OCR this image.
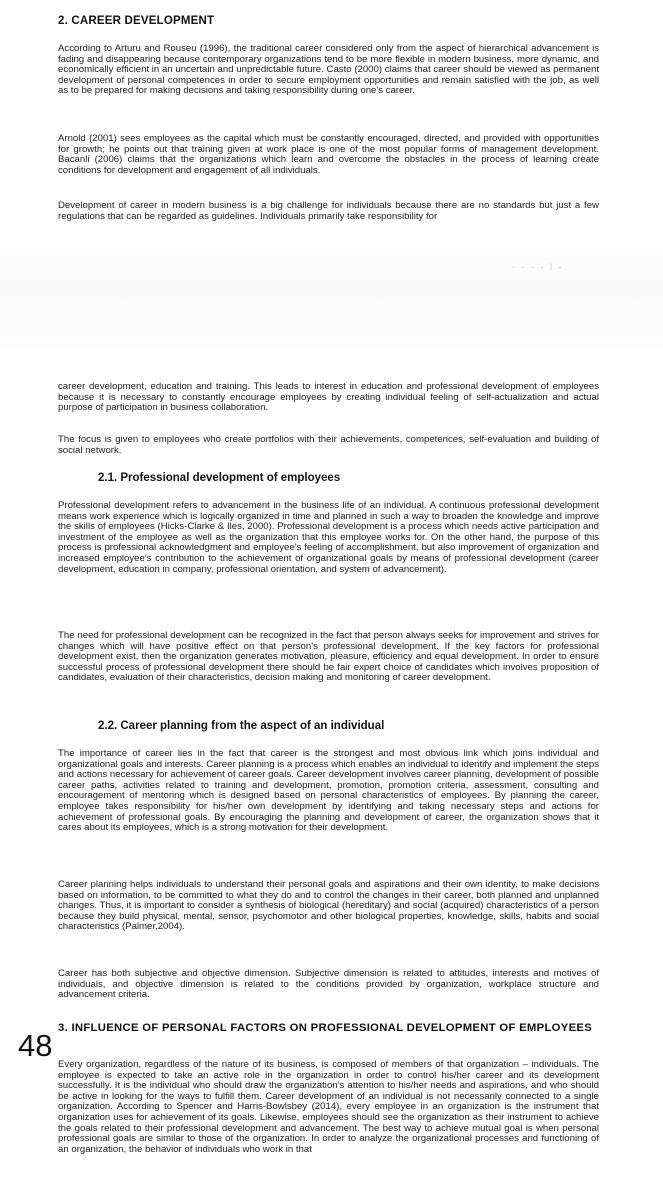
2. CAREER DEVELOPMENT
According to Arturu and Rouseu (1996), the traditional career considered only from the aspect of hierarchical advancement is fading and disappearing because contemporary organizations tend to be more flexible in modern business, more dynamic, and economically efficient in an uncertain and unpredictable future. Casto (2000) claims that career should be viewed as permanent development of personal competences in order to secure employment opportunities and remain satisfied with the job, as well as to be prepared for making decisions and taking responsibility during one's career.
Arnold (2001) sees employees as the capital which must be constantly encouraged, directed, and provided with opportunities for growth; he points out that training given at work place is one of the most popular forms of management development. Bacanli (2006) claims that the organizations which learn and overcome the obstacles in the process of learning create conditions for development and engagement of all individuals.
Development of career in modern business is a big challenge for individuals because there are no standards but just a few regulations that can be regarded as guidelines. Individuals primarily take responsibility for
- - - - l -
career development, education and training. This leads to interest in education and professional development of employees because it is necessary to constantly encourage employees by creating individual feeling of self-actualization and actual purpose of participation in business collaboration.
The focus is given to employees who create portfolios with their achievements, competences, self-evaluation and building of social network.
2.1. Professional development of employees
Professional development refers to advancement in the business life of an individual. A continuous professional development means work experience which is logically organized in time and planned in such a way to broaden the knowledge and improve the skills of employees (Hicks-Clarke & Iles, 2000). Professional development is a process which needs active participation and investment of the employee as well as the organization that this employee works for. On the other hand, the purpose of this process is professional acknowledgment and employee's feeling of accomplishment, but also improvement of organization and increased employee's contribution to the achievement of organizational goals by means of professional development (career development, education in company, professional orientation, and system of advancement).
The need for professional development can be recognized in the fact that person always seeks for improvement and strives for changes which will have positive effect on that person's professional development. If the key factors for professional development exist, then the organization generates motivation, pleasure, efficiency and equal development. In order to ensure successful process of professional development there should be fair expert choice of candidates which involves proposition of candidates, evaluation of their characteristics, decision making and monitoring of career development.
2.2. Career planning from the aspect of an individual
The importance of career lies in the fact that career is the strongest and most obvious link which joins individual and organizational goals and interests. Career planning is a process which enables an individual to identify and implement the steps and actions necessary for achievement of career goals. Career development involves career planning, development of possible career paths, activities related to training and development, promotion, promotion criteria, assessment, consulting and encouragement of mentoring which is designed based on personal characteristics of employees. By planning the career, employee takes responsibility for his/her own development by identifying and taking necessary steps and actions for achievement of professional goals. By encouraging the planning and development of career, the organization shows that it cares about its employees, which is a strong motivation for their development.
Career planning helps individuals to understand their personal goals and aspirations and their own identity, to make decisions based on information, to be committed to what they do and to control the changes in their career, both planned and unplanned changes. Thus, it is important to consider a synthesis of biological (hereditary) and social (acquired) characteristics of a person because they build physical, mental, sensor, psychomotor and other biological properties, knowledge, skills, habits and social characteristics (Palmer,2004).
Career has both subjective and objective dimension. Subjective dimension is related to attitudes, interests and motives of individuals, and objective dimension is related to the conditions provided by organization, workplace structure and advancement criteria.
3. INFLUENCE OF PERSONAL FACTORS ON PROFESSIONAL DEVELOPMENT OF EMPLOYEES
48
Every organization, regardless of the nature of its business, is composed of members of that organization – individuals. The employee is expected to take an active role in the organization in order to control his/her career and its development successfully. It is the individual who should draw the organization's attention to his/her needs and aspirations, and who should be active in looking for the ways to fulfill them. Career development of an individual is not necessarily connected to a single organization. According to Spencer and Harris-Bowlsbey (2014), every employee in an organization is the instrument that organization uses for achievement of its goals. Likewise, employees should see the organization as their instrument to achieve the goals related to their professional development and advancement. The best way to achieve mutual goal is when personal professional goals are similar to those of the organization. In order to analyze the organizational processes and functioning of an organization, the behavior of individuals who work in that
